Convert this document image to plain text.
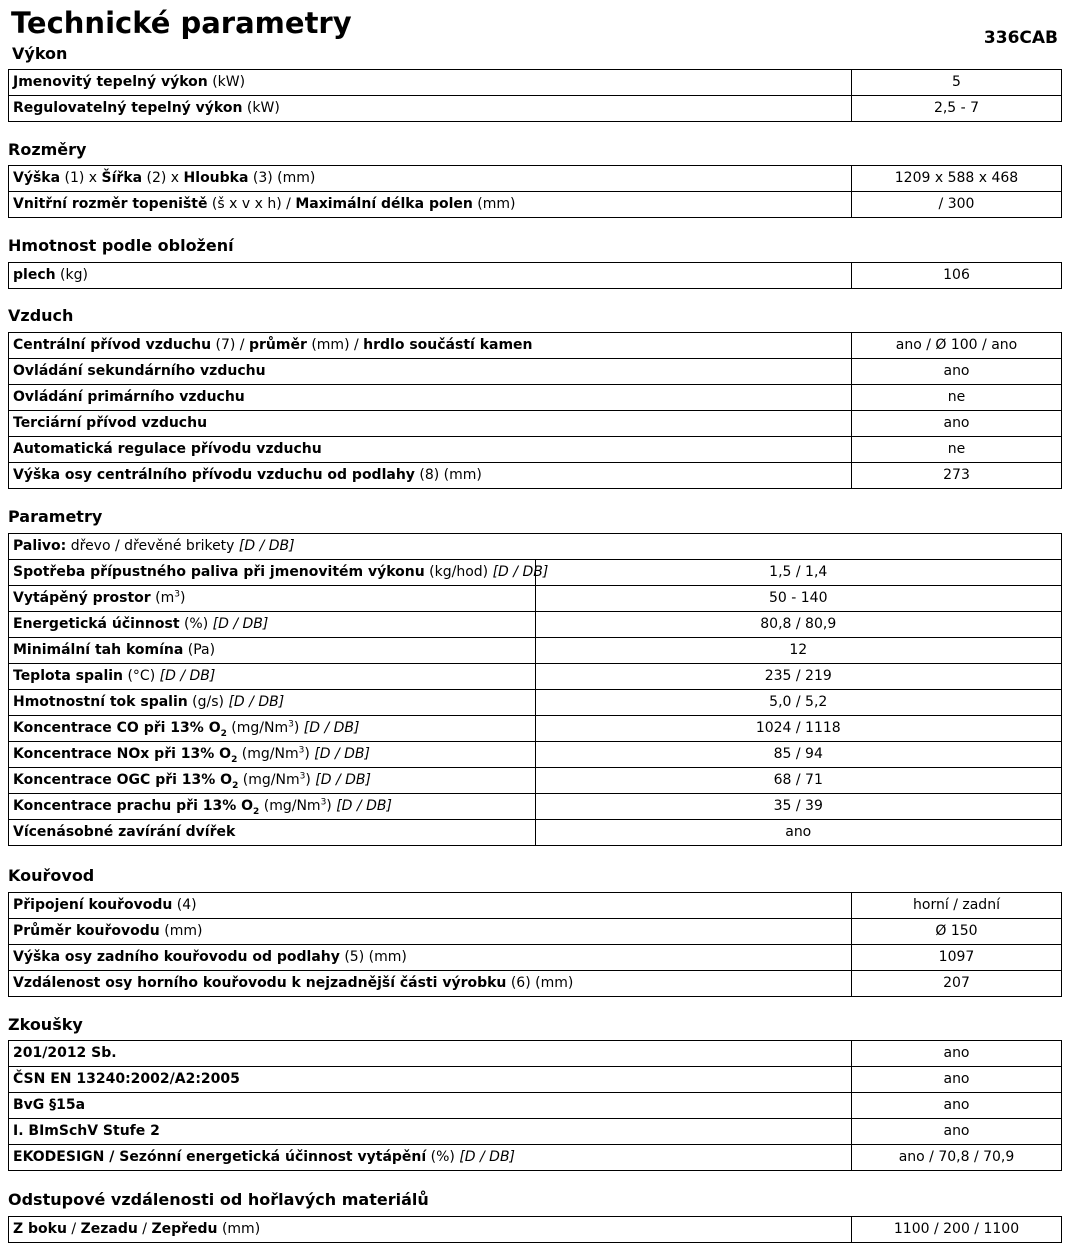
Technické parametry	336CAB
Výkon
Jmenovitý tepelný výkon (kW)	5
Regulovatelný tepelný výkon (kW)	2,5 - 7
Rozměry
Výška (1) x Šířka (2) x Hloubka (3) (mm)	1209 x 588 x 468
Vnitřní rozměr topeniště (š x v x h) / Maximální délka polen (mm)	/ 300
Hmotnost podle obložení
plech (kg)	106
Vzduch
Centrální přívod vzduchu (7) / průměr (mm) / hrdlo součástí kamen	ano / Ø 100 / ano
Ovládání sekundárního vzduchu	ano
Ovládání primárního vzduchu	ne
Terciární přívod vzduchu	ano
Automatická regulace přívodu vzduchu	ne
Výška osy centrálního přívodu vzduchu od podlahy (8) (mm)	273
Parametry
Palivo: dřevo / dřevěné brikety [D / DB]	
Spotřeba přípustného paliva při jmenovitém výkonu (kg/hod) [D / DB]	1,5 / 1,4
Vytápěný prostor $(m^3)$	50 - 140
Energetická účinnost (%) [D / DB]	80,8 / 80,9
Minimální tah komína (Pa)	12
Teplota spalin (°C) [D / DB]	235 / 219
Hmotnostní tok spalin (g/s) [D / DB]	5,0 / 5,2
Koncentrace CO při 13% $O_2$ (mg/Nm$^3$) [D / DB]	1024 / 1118
Koncentrace NOx při 13% $O_2$ (mg/Nm$^3$) [D / DB]	85 / 94
Koncentrace OGC při 13% $O_2$ (mg/Nm$^3$) [D / DB]	68 / 71
Koncentrace prachu při 13% $O_2$ (mg/Nm$^3$) [D / DB]	35 / 39
Vícenásobné zavírání dvířek	ano
Kouřovod
Připojení kouřovodu (4)	horní / zadní
Průměr kouřovodu (mm)	Ø 150
Výška osy zadního kouřovodu od podlahy (5) (mm)	1097
Vzdálenost osy horního kouřovodu k nejzadnější části výrobku (6) (mm)	207
Zkoušky
201/2012 Sb.	ano
ČSN EN 13240:2002/A2:2005	ano
BvG §15a	ano
I. BImSchV Stufe 2	ano
EKODESIGN / Sezónní energetická účinnost vytápění (%) [D / DB]	ano / 70,8 / 70,9
Odstupové vzdálenosti od hořlavých materiálů
Z boku / Zezadu / Zepředu (mm)	1100 / 200 / 1100
